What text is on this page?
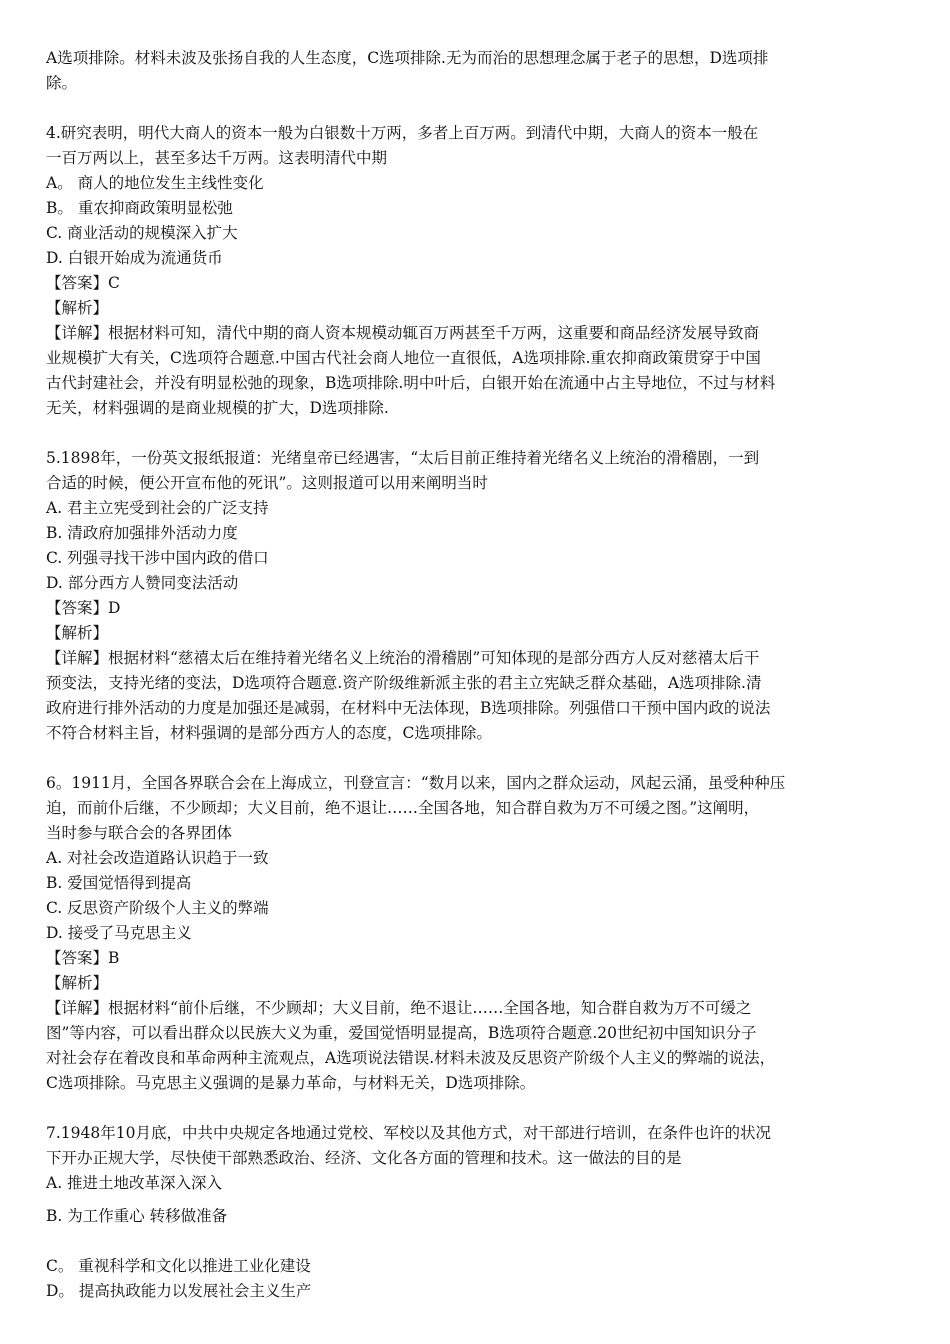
A选项排除。材料未波及张扬自我的人生态度，C选项排除.无为而治的思想理念属于老子的思想，D选项排
除。
4.研究表明，明代大商人的资本一般为白银数十万两，多者上百万两。到清代中期，大商人的资本一般在
一百万两以上，甚至多达千万两。这表明清代中期
A。 商人的地位发生主线性变化
B。 重农抑商政策明显松弛
C. 商业活动的规模深入扩大
D. 白银开始成为流通货币
【答案】C
【解析】
【详解】根据材料可知，清代中期的商人资本规模动辄百万两甚至千万两，这重要和商品经济发展导致商
业规模扩大有关，C选项符合题意.中国古代社会商人地位一直很低，A选项排除.重农抑商政策贯穿于中国
古代封建社会，并没有明显松弛的现象，B选项排除.明中叶后，白银开始在流通中占主导地位，不过与材料
无关，材料强调的是商业规模的扩大，D选项排除.
5.1898年，一份英文报纸报道：光绪皇帝已经遇害，“太后目前正维持着光绪名义上统治的滑稽剧，一到
合适的时候，便公开宣布他的死讯”。这则报道可以用来阐明当时
A. 君主立宪受到社会的广泛支持
B. 清政府加强排外活动力度
C. 列强寻找干涉中国内政的借口
D. 部分西方人赞同变法活动
【答案】D
【解析】
【详解】根据材料“慈禧太后在维持着光绪名义上统治的滑稽剧”可知体现的是部分西方人反对慈禧太后干
预变法，支持光绪的变法，D选项符合题意.资产阶级维新派主张的君主立宪缺乏群众基础，A选项排除.清
政府进行排外活动的力度是加强还是减弱，在材料中无法体现，B选项排除。列强借口干预中国内政的说法
不符合材料主旨，材料强调的是部分西方人的态度，C选项排除。
6。1911月，全国各界联合会在上海成立，刊登宣言：“数月以来，国内之群众运动，风起云涌，虽受种种压
迫，而前仆后继，不少顾却；大义目前，绝不退让……全国各地，知合群自救为万不可缓之图。”这阐明，
当时参与联合会的各界团体
A. 对社会改造道路认识趋于一致
B. 爱国觉悟得到提高
C. 反思资产阶级个人主义的弊端
D. 接受了马克思主义
【答案】B
【解析】
【详解】根据材料“前仆后继，不少顾却；大义目前，绝不退让……全国各地，知合群自救为万不可缓之
图”等内容，可以看出群众以民族大义为重，爱国觉悟明显提高，B选项符合题意.20世纪初中国知识分子
对社会存在着改良和革命两种主流观点，A选项说法错误.材料未波及反思资产阶级个人主义的弊端的说法，
C选项排除。马克思主义强调的是暴力革命，与材料无关，D选项排除。
7.1948年10月底，中共中央规定各地通过党校、军校以及其他方式，对干部进行培训，在条件也许的状况
下开办正规大学，尽快使干部熟悉政治、经济、文化各方面的管理和技术。这一做法的目的是
A. 推进土地改革深入深入
B. 为工作重心 转移做准备
C。 重视科学和文化以推进工业化建设
D。 提高执政能力以发展社会主义生产
